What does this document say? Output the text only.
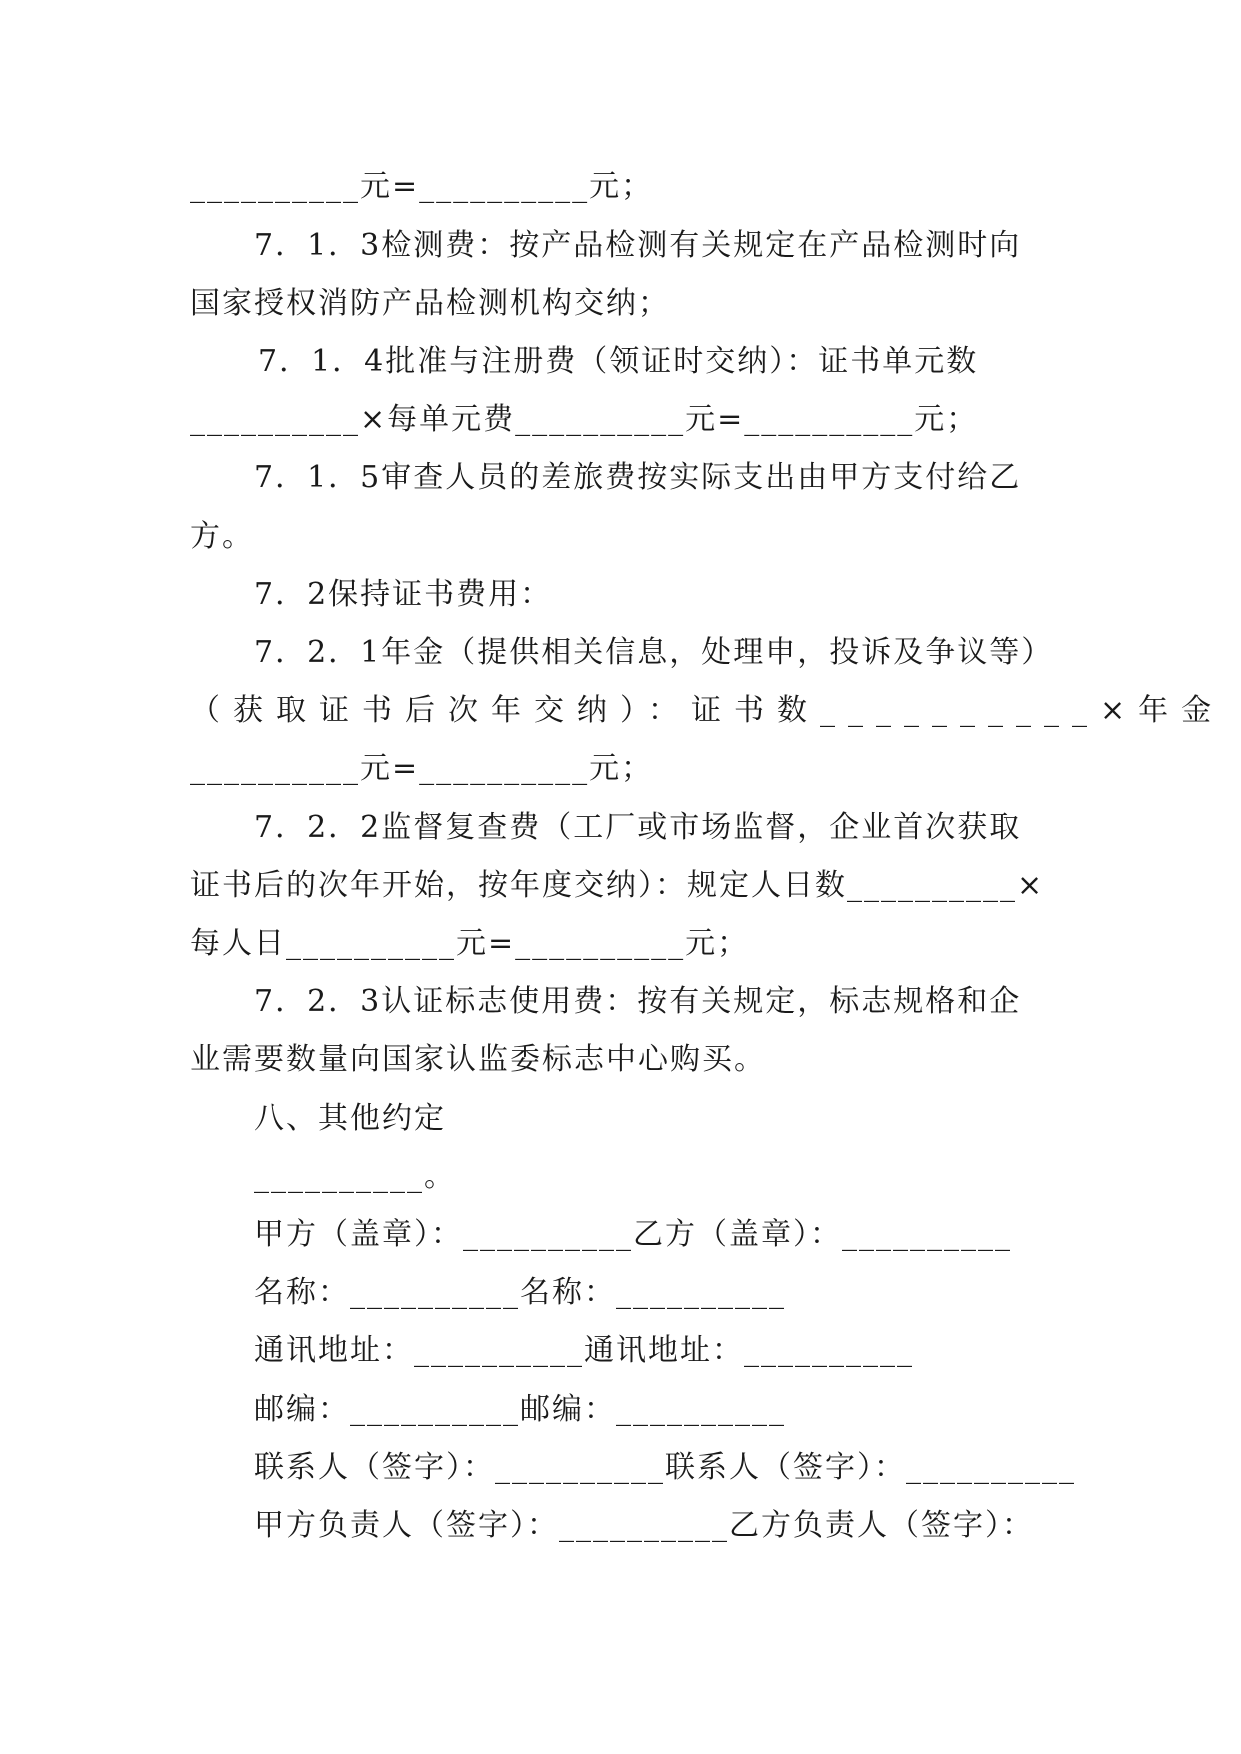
__________元=__________元；
7．1．3检测费：按产品检测有关规定在产品检测时向
国家授权消防产品检测机构交纳；
7．1．4批准与注册费（领证时交纳）：证书单元数
__________×每单元费__________元=__________元；
7．1．5审查人员的差旅费按实际支出由甲方支付给乙
方。
7．2保持证书费用：
7．2．1年金（提供相关信息，处理申，投诉及争议等）
（获取证书后次年交纳）：证书数__________×年金
__________元=__________元；
7．2．2监督复查费（工厂或市场监督，企业首次获取
证书后的次年开始，按年度交纳）：规定人日数__________×
每人日__________元=__________元；
7．2．3认证标志使用费：按有关规定，标志规格和企
业需要数量向国家认监委标志中心购买。
八、其他约定
__________。
甲方（盖章）：__________乙方（盖章）：__________
名称：__________名称：__________
通讯地址：__________通讯地址：__________
邮编：__________邮编：__________
联系人（签字）：__________联系人（签字）：__________
甲方负责人（签字）：__________乙方负责人（签字）：
